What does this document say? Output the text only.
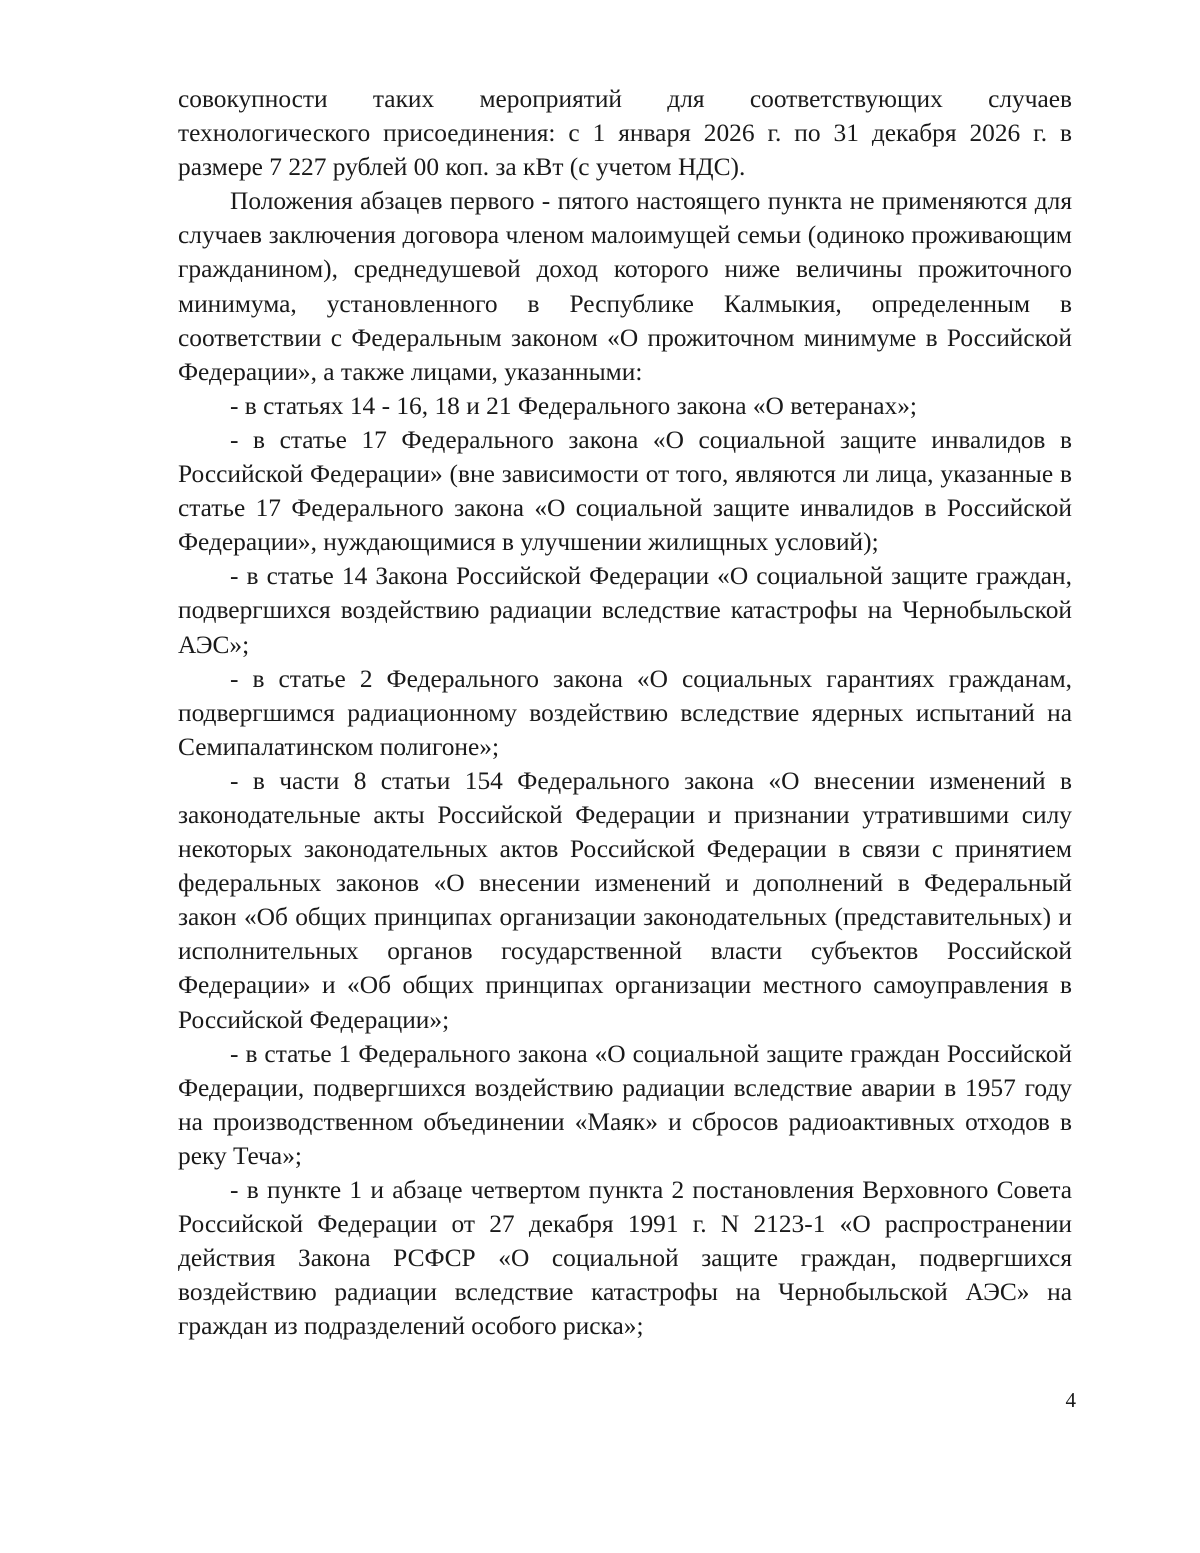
совокупности таких мероприятий для соответствующих случаев технологического присоединения: с 1 января 2026 г. по 31 декабря 2026 г. в размере 7 227 рублей 00 коп. за кВт (с учетом НДС).

Положения абзацев первого - пятого настоящего пункта не применяются для случаев заключения договора членом малоимущей семьи (одиноко проживающим гражданином), среднедушевой доход которого ниже величины прожиточного минимума, установленного в Республике Калмыкия, определенным в соответствии с Федеральным законом «О прожиточном минимуме в Российской Федерации», а также лицами, указанными:

- в статьях 14 - 16, 18 и 21 Федерального закона «О ветеранах»;

- в статье 17 Федерального закона «О социальной защите инвалидов в Российской Федерации» (вне зависимости от того, являются ли лица, указанные в статье 17 Федерального закона «О социальной защите инвалидов в Российской Федерации», нуждающимися в улучшении жилищных условий);

- в статье 14 Закона Российской Федерации «О социальной защите граждан, подвергшихся воздействию радиации вследствие катастрофы на Чернобыльской АЭС»;

- в статье 2 Федерального закона «О социальных гарантиях гражданам, подвергшимся радиационному воздействию вследствие ядерных испытаний на Семипалатинском полигоне»;

- в части 8 статьи 154 Федерального закона «О внесении изменений в законодательные акты Российской Федерации и признании утратившими силу некоторых законодательных актов Российской Федерации в связи с принятием федеральных законов «О внесении изменений и дополнений в Федеральный закон «Об общих принципах организации законодательных (представительных) и исполнительных органов государственной власти субъектов Российской Федерации» и «Об общих принципах организации местного самоуправления в Российской Федерации»;

- в статье 1 Федерального закона «О социальной защите граждан Российской Федерации, подвергшихся воздействию радиации вследствие аварии в 1957 году на производственном объединении «Маяк» и сбросов радиоактивных отходов в реку Теча»;

- в пункте 1 и абзаце четвертом пункта 2 постановления Верховного Совета Российской Федерации от 27 декабря 1991 г. N 2123-1 «О распространении действия Закона РСФСР «О социальной защите граждан, подвергшихся воздействию радиации вследствие катастрофы на Чернобыльской АЭС» на граждан из подразделений особого риска»;

4
